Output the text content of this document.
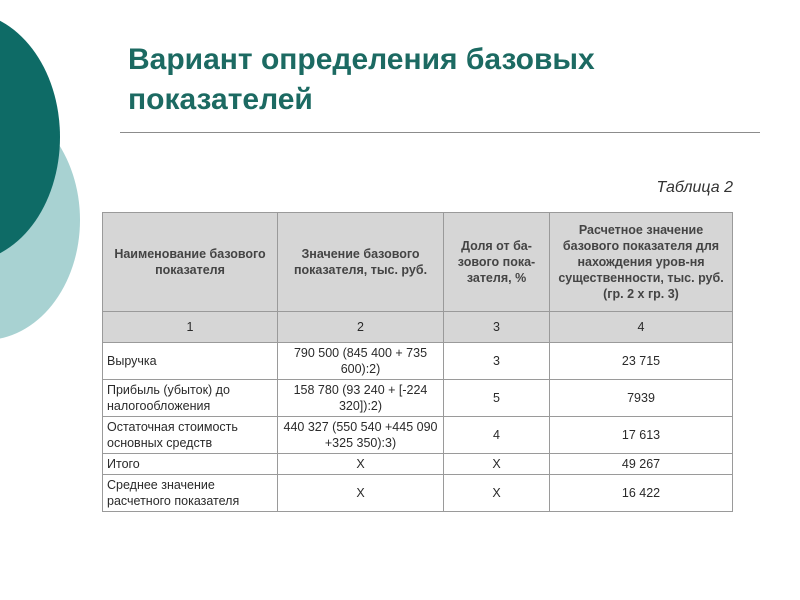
Вариант определения базовых
показателей
Таблица 2
Наименование базового показателя	Значение базового показателя, тыс. руб.	Доля от ба-зового пока-зателя, %	Расчетное значение базового показателя для нахождения уров-ня существенности, тыс. руб. (гр. 2 х гр. 3)
1	2	3	4
Выручка	790 500 (845 400 + 735 600):2)	3	23 715
Прибыль (убыток) до налогообложения	158 780 (93 240 + [-224 320]):2)	5	7939
Остаточная стоимость основных средств	440 327 (550 540 +445 090 +325 350):3)	4	17 613
Итого	X	X	49 267
Среднее значение расчетного показателя	X	X	16 422
